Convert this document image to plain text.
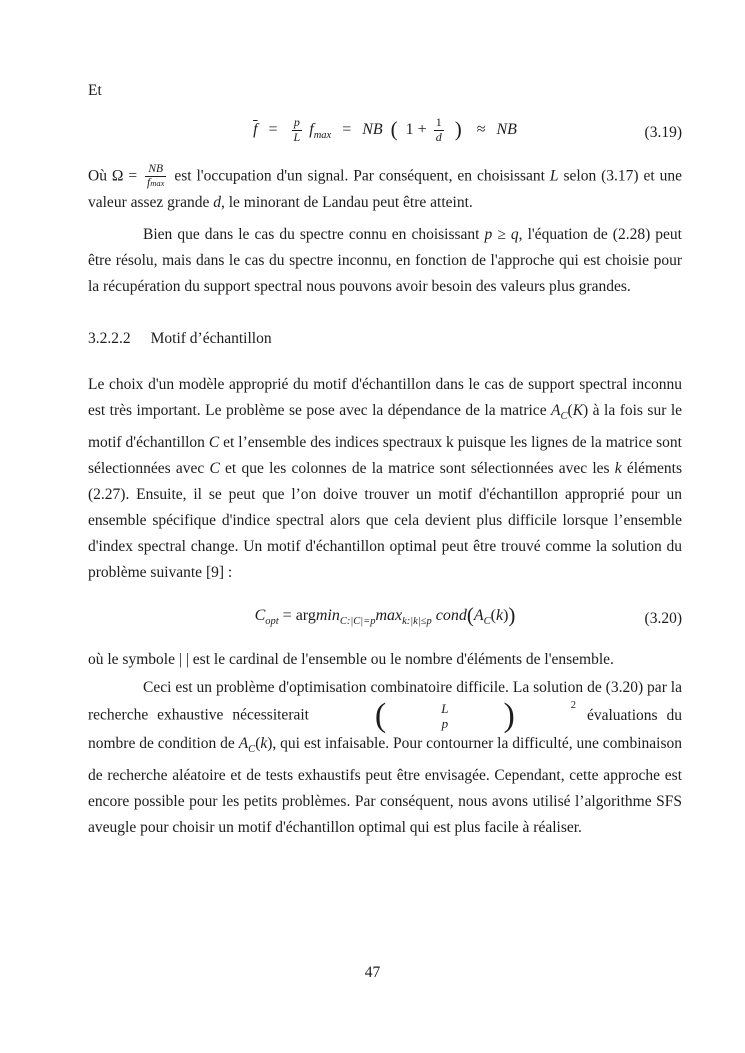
Et

$\overline{f} = \frac{p}{L} f_{max}$ = NB ( $1 + \frac{1}{d}$ ) ≈ NB	(3.19)

Où $\Omega = \frac{NB}{fmax}$ est l'occupation d'un signal. Par conséquent, en choisissant L selon (3.17) et une valeur assez grande d, le minorant de Landau peut être atteint.

Bien que dans le cas du spectre connu en choisissant p ≥ q, l'équation de (2.28) peut être résolu, mais dans le cas du spectre inconnu, en fonction de l'approche qui est choisie pour la récupération du support spectral nous pouvons avoir besoin des valeurs plus grandes.

3.2.2.2 Motif d’échantillon

Le choix d'un modèle approprié du motif d'échantillon dans le cas de support spectral inconnu est très important. Le problème se pose avec la dépendance de la matrice $A_C(K)$ à la fois sur le motif d'échantillon C et l’ensemble des indices spectraux k puisque les lignes de la matrice sont sélectionnées avec C et que les colonnes de la matrice sont sélectionnées avec les k éléments (2.27). Ensuite, il se peut que l’on doive trouver un motif d'échantillon approprié pour un ensemble spécifique d'indice spectral alors que cela devient plus difficile lorsque l’ensemble d'index spectral change. Un motif d'échantillon optimal peut être trouvé comme la solution du problème suivante [9] :

$C_{opt} = argmin_{C:|C|=p}\max_{k:|k|\le p}$ $cond(A_C(k))$	(3.20)

où le symbole | | est le cardinal de l'ensemble ou le nombre d'éléments de l'ensemble.

Ceci est un problème d'optimisation combinatoire difficile. La solution de (3.20) par la recherche exhaustive nécessiterait	(	L
p	)	2
évaluations du nombre de condition de $A_C(k)$, qui est infaisable. Pour contourner la difficulté, une combinaison de recherche aléatoire et de tests exhaustifs peut être envisagée. Cependant, cette approche est encore possible pour les petits problèmes. Par conséquent, nous avons utilisé l’algorithme SFS aveugle pour choisir un motif d'échantillon optimal qui est plus facile à réaliser.

47
